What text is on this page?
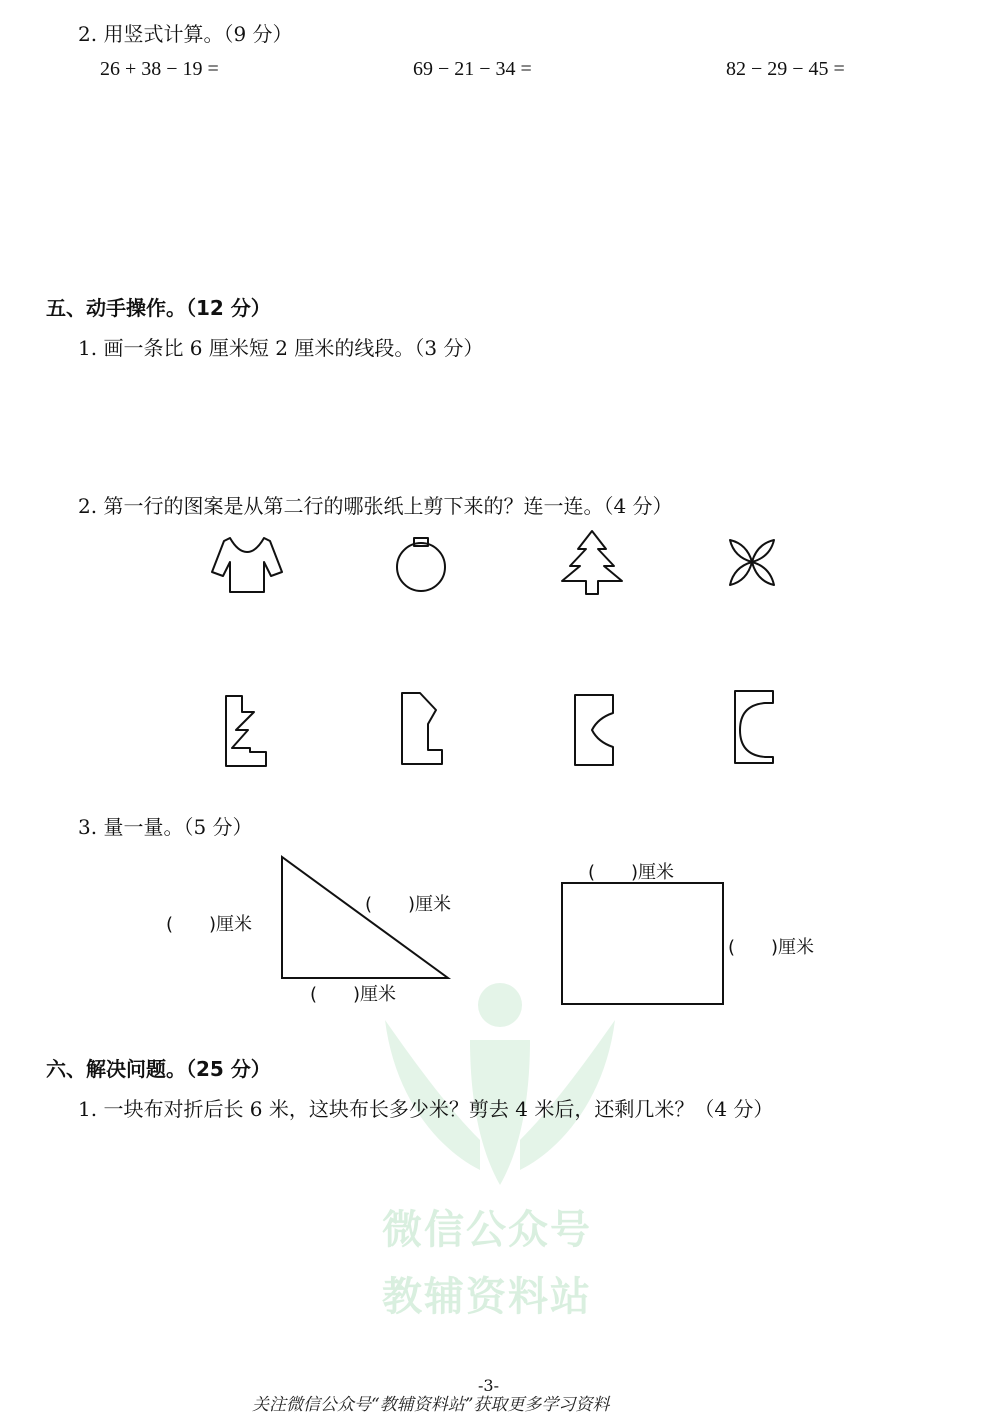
微信公众号
教辅资料站
2. 用竖式计算。（9 分）
26 + 38 − 19 =	69 − 21 − 34 =	82 − 29 − 45 =
五、动手操作。（12 分）
1. 画一条比 6 厘米短 2 厘米的线段。（3 分）
2. 第一行的图案是从第二行的哪张纸上剪下来的？连一连。（4 分）
3. 量一量。（5 分）
(　　)厘米
(　　)厘米
(　　)厘米
(　　)厘米
(　　)厘米
六、解决问题。（25 分）
1. 一块布对折后长 6 米，这块布长多少米？剪去 4 米后，还剩几米？（4 分）
-3-
关注微信公众号“教辅资料站”获取更多学习资料
